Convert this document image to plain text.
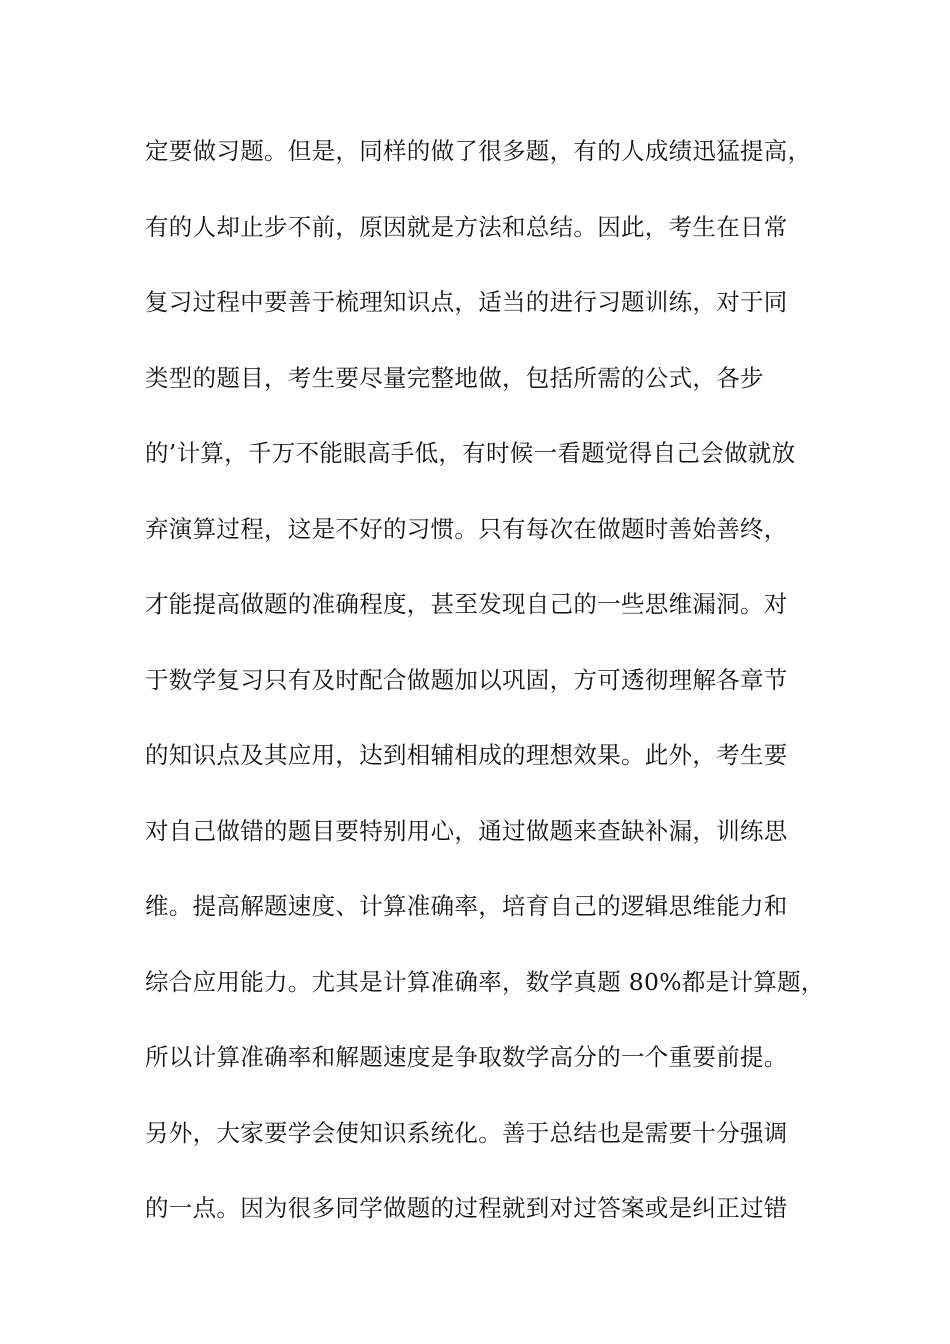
定要做习题。但是，同样的做了很多题，有的人成绩迅猛提高，
有的人却止步不前，原因就是方法和总结。因此，考生在日常
复习过程中要善于梳理知识点，适当的进行习题训练，对于同
类型的题目，考生要尽量完整地做，包括所需的公式，各步
的’计算，千万不能眼高手低，有时候一看题觉得自己会做就放
弃演算过程，这是不好的习惯。只有每次在做题时善始善终，
才能提高做题的准确程度，甚至发现自己的一些思维漏洞。对
于数学复习只有及时配合做题加以巩固，方可透彻理解各章节
的知识点及其应用，达到相辅相成的理想效果。此外，考生要
对自己做错的题目要特别用心，通过做题来查缺补漏，训练思
维。提高解题速度、计算准确率，培育自己的逻辑思维能力和
综合应用能力。尤其是计算准确率，数学真题 80%都是计算题，
所以计算准确率和解题速度是争取数学高分的一个重要前提。
另外，大家要学会使知识系统化。善于总结也是需要十分强调
的一点。因为很多同学做题的过程就到对过答案或是纠正过错
